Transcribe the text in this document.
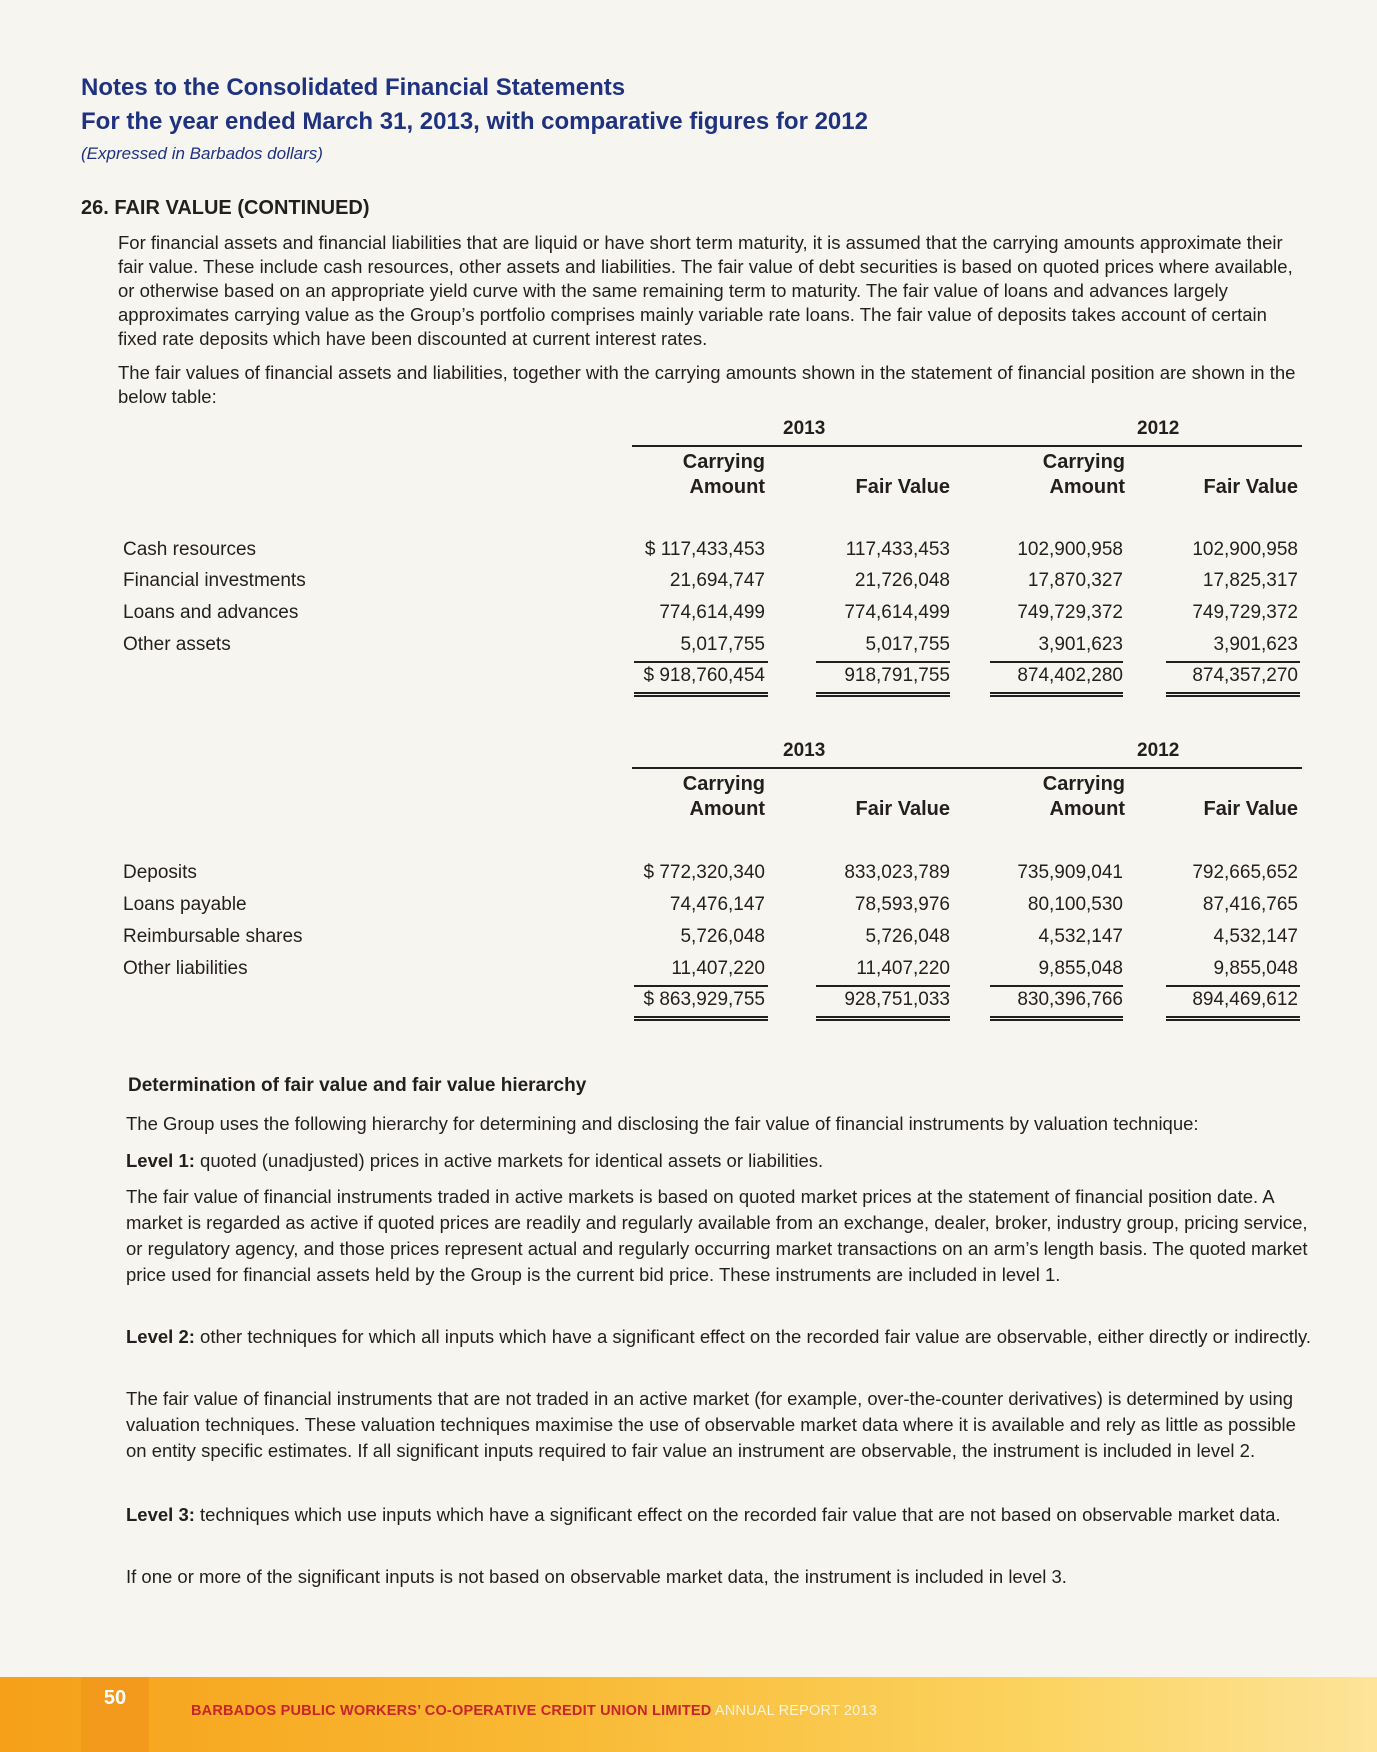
Notes to the Consolidated Financial Statements
For the year ended March 31, 2013, with comparative figures for 2012
(Expressed in Barbados dollars)
26. FAIR VALUE (CONTINUED)
For financial assets and financial liabilities that are liquid or have short term maturity, it is assumed that the carrying amounts approximate their fair value. These include cash resources, other assets and liabilities. The fair value of debt securities is based on quoted prices where available, or otherwise based on an appropriate yield curve with the same remaining term to maturity. The fair value of loans and advances largely approximates carrying value as the Group’s portfolio comprises mainly variable rate loans. The fair value of deposits takes account of certain fixed rate deposits which have been discounted at current interest rates.
The fair values of financial assets and liabilities, together with the carrying amounts shown in the statement of financial position are shown in the below table:
2013	2012
Carrying
Amount	Fair Value
Carrying
Amount	Fair Value
Cash resources	$ 117,433,453	117,433,453	102,900,958	102,900,958
Financial investments	21,694,747	21,726,048	17,870,327	17,825,317
Loans and advances	774,614,499	774,614,499	749,729,372	749,729,372
Other assets	5,017,755	5,017,755	3,901,623	3,901,623
$ 918,760,454	918,791,755	874,402,280	874,357,270
2013	2012
Carrying
Amount	Fair Value
Carrying
Amount	Fair Value
Deposits	$ 772,320,340	833,023,789	735,909,041	792,665,652
Loans payable	74,476,147	78,593,976	80,100,530	87,416,765
Reimbursable shares	5,726,048	5,726,048	4,532,147	4,532,147
Other liabilities	11,407,220	11,407,220	9,855,048	9,855,048
$ 863,929,755	928,751,033	830,396,766	894,469,612
Determination of fair value and fair value hierarchy
The Group uses the following hierarchy for determining and disclosing the fair value of financial instruments by valuation technique:
Level 1: quoted (unadjusted) prices in active markets for identical assets or liabilities.
The fair value of financial instruments traded in active markets is based on quoted market prices at the statement of financial position date. A market is regarded as active if quoted prices are readily and regularly available from an exchange, dealer, broker, industry group, pricing service, or regulatory agency, and those prices represent actual and regularly occurring market transactions on an arm’s length basis. The quoted market price used for financial assets held by the Group is the current bid price. These instruments are included in level 1.
Level 2: other techniques for which all inputs which have a significant effect on the recorded fair value are observable, either directly or indirectly.
The fair value of financial instruments that are not traded in an active market (for example, over-the-counter derivatives) is determined by using valuation techniques. These valuation techniques maximise the use of observable market data where it is available and rely as little as possible on entity specific estimates. If all significant inputs required to fair value an instrument are observable, the instrument is included in level 2.
Level 3: techniques which use inputs which have a significant effect on the recorded fair value that are not based on observable market data.
If one or more of the significant inputs is not based on observable market data, the instrument is included in level 3.
50
BARBADOS PUBLIC WORKERS’ CO-OPERATIVE CREDIT UNION LIMITED ANNUAL REPORT 2013
